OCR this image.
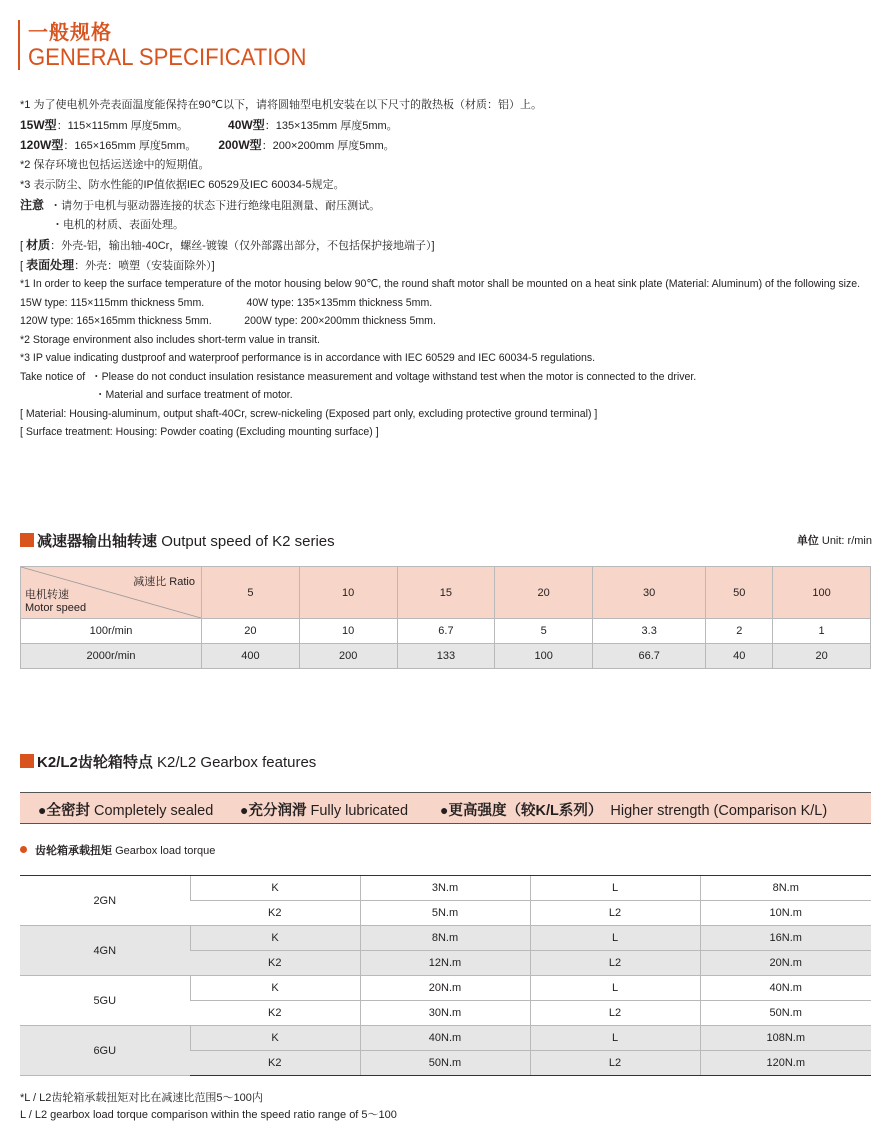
一般规格
GENERAL SPECIFICATION
*1 为了使电机外壳表面温度能保持在90℃以下，请将圆轴型电机安装在以下尺寸的散热板（材质：铝）上。
15W型：115×115mm 厚度5mm。	40W型：135×135mm 厚度5mm。
120W型：165×165mm 厚度5mm。 200W型：200×200mm 厚度5mm。
*2 保存环境也包括运送途中的短期值。
*3 表示防尘、防水性能的IP值依据IEC 60529及IEC 60034-5规定。
注意 ・请勿于电机与驱动器连接的状态下进行绝缘电阻测量、耐压测试。
・电机的材质、表面处理。
[ 材质：外壳-铝，输出轴-40Cr，螺丝-镀镍（仅外部露出部分，不包括保护接地端子）]
[ 表面处理：外壳：喷塑（安装面除外）]
*1 In order to keep the surface temperature of the motor housing below 90℃, the round shaft motor shall be mounted on a heat sink plate (Material: Aluminum) of the following size.
15W type: 115×115mm thickness 5mm.	40W type: 135×135mm thickness 5mm.
120W type: 165×165mm thickness 5mm.	200W type: 200×200mm thickness 5mm.
*2 Storage environment also includes short-term value in transit.
*3 IP value indicating dustproof and waterproof performance is in accordance with IEC 60529 and IEC 60034-5 regulations.
Take notice of ・Please do not conduct insulation resistance measurement and voltage withstand test when the motor is connected to the driver.
・Material and surface treatment of motor.
[ Material: Housing-aluminum, output shaft-40Cr, screw-nickeling (Exposed part only, excluding protective ground terminal) ]
[ Surface treatment: Housing: Powder coating (Excluding mounting surface) ]
减速器输出轴转速 Output speed of K2 series	单位 Unit: r/min
减速比 Ratio
电机转速
Motor speed	5	10	15	20	30	50	100
100r/min	20	10	6.7	5	3.3	2	1
2000r/min	400	200	133	100	66.7	40	20
K2/L2齿轮箱特点 K2/L2 Gearbox features
●全密封 Completely sealed ●充分润滑 Fully lubricated ●更高强度（较K/L系列） Higher strength (Comparison K/L)
齿轮箱承载扭矩 Gearbox load torque
2GN	K	3N.m	L	8N.m
	K2	5N.m	L2	10N.m
4GN	K	8N.m	L	16N.m
	K2	12N.m	L2	20N.m
5GU	K	20N.m	L	40N.m
	K2	30N.m	L2	50N.m
6GU	K	40N.m	L	108N.m
	K2	50N.m	L2	120N.m
*L / L2齿轮箱承载扭矩对比在减速比范围5～100内
L / L2 gearbox load torque comparison within the speed ratio range of 5～100
